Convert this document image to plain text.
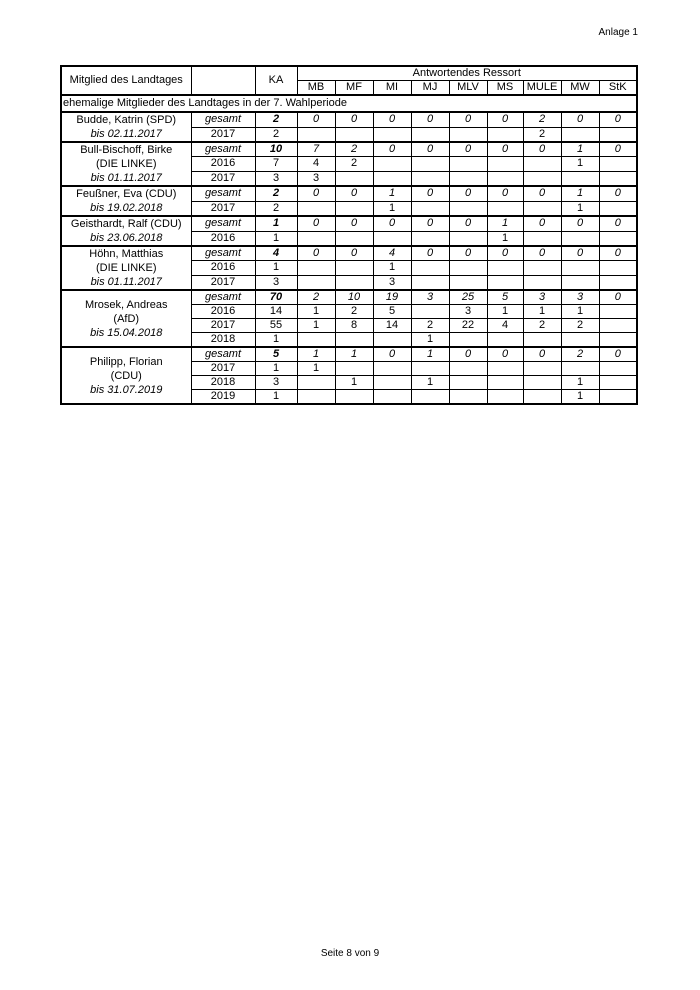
Anlage 1
Mitglied des Landtages		KA	Antwortendes Ressort								
			MB	MF	MI	MJ	MLV	MS	MULE	MW	StK
ehemalige Mitglieder des Landtages in der 7. Wahlperiode											

Budde, Katrin (SPD)
bis 02.11.2017	gesamt	2	0	0	0	0	0	0	2	0	0
	2017	2							2		

Bull-Bischoff, Birke
(DIE LINKE)
bis 01.11.2017	gesamt	10	7	2	0	0	0	0	0	1	0
	2016	7	4	2						1	
	2017	3	3								

Feußner, Eva (CDU)
bis 19.02.2018	gesamt	2	0	0	1	0	0	0	0	1	0
	2017	2			1					1	

Geisthardt, Ralf (CDU)
bis 23.06.2018	gesamt	1	0	0	0	0	0	1	0	0	0
	2016	1						1			

Höhn, Matthias
(DIE LINKE)
bis 01.11.2017	gesamt	4	0	0	4	0	0	0	0	0	0
	2016	1			1						
	2017	3			3						

Mrosek, Andreas
(AfD)
bis 15.04.2018	gesamt	70	2	10	19	3	25	5	3	3	0
	2016	14	1	2	5		3	1	1	1	
	2017	55	1	8	14	2	22	4	2	2	
	2018	1				1					

Philipp, Florian
(CDU)
bis 31.07.2019	gesamt	5	1	1	0	1	0	0	0	2	0
	2017	1	1								
	2018	3		1		1				1	
	2019	1								1	
Seite 8 von 9
